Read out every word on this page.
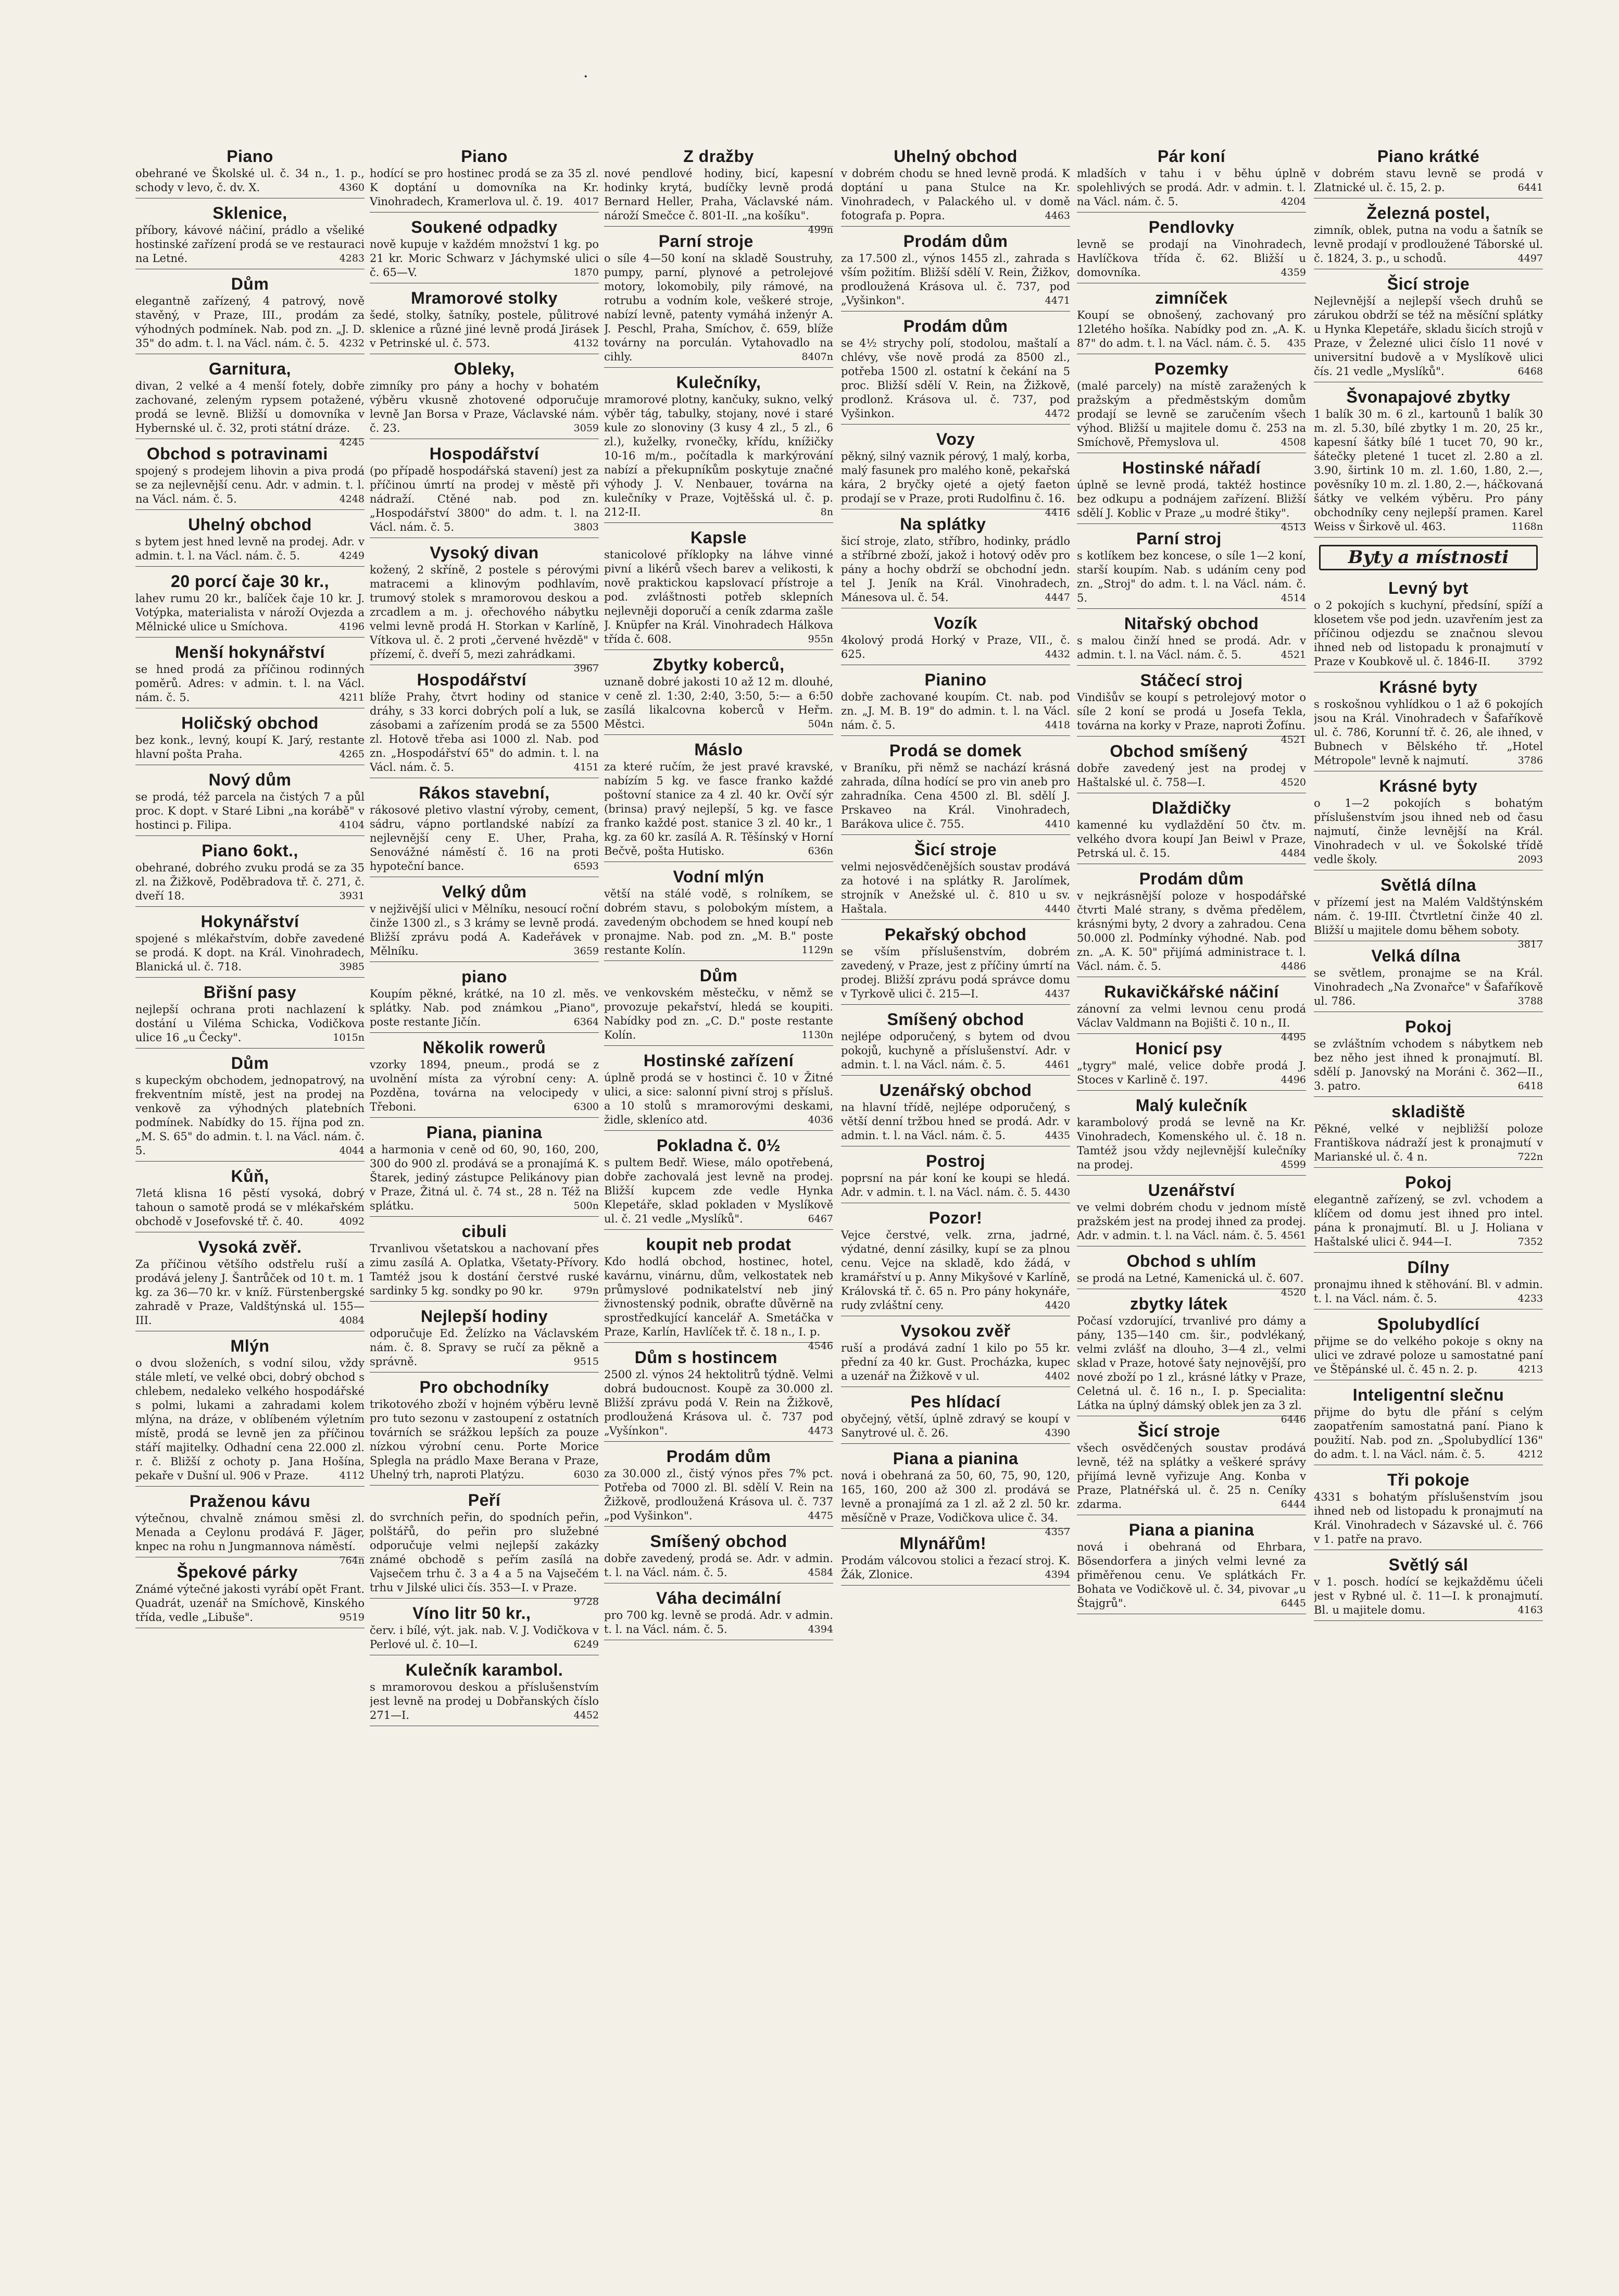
·
Piano

obehrané ve Školské ul. č. 34 n., 1. p., schody v levo, č. dv. X.	4360

Sklenice,

příbory, kávové náčiní, prádlo a všeliké hostinské zařízení prodá se ve restauraci na Letné.	4283

Dům

elegantně zařízený, 4 patrový, nově stavěný, v Praze, III., prodám za výhodných podmínek. Nab. pod zn. „J. D. 35" do adm. t. l. na Václ. nám. č. 5. 4232

Garnitura,

divan, 2 velké a 4 menší fotely, dobře zachované, zeleným rypsem potažené, prodá se levně. Bližší u domovníka v Hybernské ul. č. 32, proti státní dráze.
4245

Obchod s potravinami

spojený s prodejem lihovin a piva prodá se za nejlevnější cenu. Adr. v admin. t. l. na Václ. nám. č. 5.	4248

Uhelný obchod

s bytem jest hned levně na prodej. Adr. v admin. t. l. na Václ. nám. č. 5.	4249

20 porcí čaje 30 kr.,

lahev rumu 20 kr., balíček čaje 10 kr. J. Votýpka, materialista v nároží Ovjezda a Mělnické ulice u Smíchova.	4196

Menší hokynářství

se hned prodá za příčinou rodinných poměrů. Adres: v admin. t. l. na Václ. nám. č. 5.	4211

Holičský obchod

bez konk., levný, koupí K. Jarý, restante hlavní pošta Praha.	4265

Nový dům

se prodá, též parcela na čistých 7 a půl proc. K dopt. v Staré Libni „na korábě" v hostinci p. Filipa.	4104

Piano 6okt.,

obehrané, dobrého zvuku prodá se za 35 zl. na Žižkově, Poděbradova tř. č. 271, č. dveří 18.	3931

Hokynářství

spojené s mlékařstvím, dobře zavedené se prodá. K dopt. na Král. Vinohradech, Blanická ul. č. 718.	3985

Břišní pasy

nejlepší ochrana proti nachlazení k dostání u Viléma Schicka, Vodičkova ulice 16 „u Čecky".	1015n

Dům

s kupeckým obchodem, jednopatrový, na frekventním místě, jest na prodej na venkově za výhodných platebních podmínek. Nabídky do 15. října pod zn. „M. S. 65" do admin. t. l. na Václ. nám. č. 5.	4044

Kůň,

7letá klisna 16 pěstí vysoká, dobrý tahoun o samotě prodá se v mlékařském obchodě v Josefovské tř. č. 40.	4092

Vysoká zvěř.

Za příčinou většího odstřelu ruší a prodává jeleny J. Šantrůček od 10 t. m. 1 kg. za 36—70 kr. v kníž. Fürstenbergské zahradě v Praze, Valdštýnská ul. 155—III.	4084

Mlýn

o dvou složeních, s vodní silou, vždy stále mletí, ve velké obci, dobrý obchod s chlebem, nedaleko velkého hospodářské s polmi, lukami a zahradami kolem mlýna, na dráze, v oblíbeném výletním místě, prodá se levně jen za příčinou stáří majitelky. Odhadní cena 22.000 zl. r. č. Bližší z ochoty p. Jana Hošína, pekaře v Dušní ul. 906 v Praze.	4112

Praženou kávu

výtečnou, chvalně známou směsi zl. Menada a Ceylonu prodává F. Jäger, knpec na rohu n Jungmannova náměstí.
764n

Špekové párky

Známé výtečné jakosti vyrábí opět Frant. Quadrát, uzenář na Smíchově, Kinského třída, vedle „Libuše".	9519

Piano

hodící se pro hostinec prodá se za 35 zl. K doptání u domovníka na Kr. Vinohradech, Kramerlova ul. č. 19. 4017

Soukené odpadky

nově kupuje v každém množství 1 kg. po 21 kr. Moric Schwarz v Jáchymské ulici č. 65—V.	1870

Mramorové stolky

šedé, stolky, šatníky, postele, půlitrové sklenice a různé jiné levně prodá Jirásek v Petrinské ul. č. 573.	4132

Obleky,

zimníky pro pány a hochy v bohatém výběru vkusně zhotovené odporučuje levně Jan Borsa v Praze, Václavské nám. č. 23.	3059

Hospodářství

(po případě hospodářská stavení) jest za příčinou úmrtí na prodej v městě při nádraží. Ctěné nab. pod zn. „Hospodářství 3800" do adm. t. l. na Václ. nám. č. 5.	3803

Vysoký divan

kožený, 2 skříně, 2 postele s pérovými matracemi a klinovým podhlavím, trumový stolek s mramorovou deskou a zrcadlem a m. j. ořechového nábytku velmi levně prodá H. Storkan v Karlíně, Vítkova ul. č. 2 proti „červené hvězdě" v přízemí, č. dveří 5, mezi zahrádkami.
3967

Hospodářství

blíže Prahy, čtvrt hodiny od stanice dráhy, s 33 korci dobrých polí a luk, se zásobami a zařízením prodá se za 5500 zl. Hotově třeba asi 1000 zl. Nab. pod zn. „Hospodářství 65" do admin. t. l. na Václ. nám. č. 5.	4151

Rákos stavební,

rákosové pletivo vlastní výroby, cement, sádru, vápno portlandské nabízí za nejlevnější ceny E. Uher, Praha, Senovážné náměstí č. 16 na proti hypoteční bance.	6593

Velký dům

v nejživější ulici v Mělníku, nesoucí roční činže 1300 zl., s 3 krámy se levně prodá. Bližší zprávu podá A. Kadeřávek v Mělníku.	3659

piano

Koupím pěkné, krátké, na 10 zl. měs. splátky. Nab. pod známkou „Piano", poste restante Jičín.	6364

Několik rowerů

vzorky 1894, pneum., prodá se z uvolnění místa za výrobní ceny: A. Pozděna, továrna na velocipedy v Třeboni.	6300

Piana, pianina

a harmonia v ceně od 60, 90, 160, 200, 300 do 900 zl. prodává se a pronajímá K. Štarek, jediný zástupce Pelikánovy pian v Praze, Žitná ul. č. 74 st., 28 n. Též na splátku.	500n

cibuli

Trvanlivou všetatskou a nachovaní přes zimu zasílá A. Oplatka, Všetaty-Přívory. Tamtéž jsou k dostání čerstvé ruské sardinky 5 kg. sondky po 90 kr.	979n

Nejlepší hodiny

odporučuje Ed. Želízko na Václavském nám. č. 8. Spravy se ručí za pěkně a správně.	9515

Pro obchodníky

trikotového zboží v hojném výběru levně pro tuto sezonu v zastoupení z ostatních továrních se srážkou lepších za pouze nízkou výrobní cenu. Porte Morice Splegla na prádlo Maxe Berana v Praze, Uhelný trh, naproti Platýzu.	6030

Peří

do svrchních peřin, do spodních peřin, polštářů, do peřin pro služebné odporučuje velmi nejlepší zakázky známé obchodě s peřím zasílá na Vajsečem trhu č. 3 a 4 a 5 na Vajsečém trhu v Jilské ulici čís. 353—I. v Praze.
9728

Víno litr 50 kr.,

červ. i bílé, výt. jak. nab. V. J. Vodičkova v Perlové ul. č. 10—I.	6249

Kulečník karambol.

s mramorovou deskou a příslušenstvím jest levně na prodej u Dobřanských číslo 271—I.	4452

Z dražby

nové pendlové hodiny, bicí, kapesní hodinky krytá, budíčky levně prodá Bernard Heller, Praha, Václavské nám. nároží Smečce č. 801-II. „na košíku".
499n

Parní stroje

o síle 4—50 koní na skladě Soustruhy, pumpy, parní, plynové a petrolejové motory, lokomobily, pily rámové, na rotrubu a vodním kole, veškeré stroje, nabízí levně, patenty vymáhá inženýr A. J. Peschl, Praha, Smíchov, č. 659, blíže továrny na porculán. Vytahovadlo na cihly.	8407n

Kulečníky,

mramorové plotny, kančuky, sukno, velký výběr tág, tabulky, stojany, nové i staré kule zo slonoviny (3 kusy 4 zl., 5 zl., 6 zl.), kuželky, rvonečky, křídu, knížičky 10-16 m/m., počítadla k markýrování nabízí a překupníkům poskytuje značné výhody J. V. Nenbauer, továrna na kulečníky v Praze, Vojtěšská ul. č. p. 212-II.	8n

Kapsle

stanicolové příklopky na láhve vinné pivní a likérů všech barev a velikosti, k nově praktickou kapslovací přístroje a pod. zvláštnosti potřeb sklepních nejlevněji doporučí a ceník zdarma zašle J. Knüpfer na Král. Vinohradech Hálkova třída č. 608.	955n

Zbytky koberců,

uznaně dobré jakosti 10 až 12 m. dlouhé, v ceně zl. 1:30, 2:40, 3:50, 5:— a 6:50 zasílá likalcovna koberců v Heřm. Městci.	504n

Máslo

za které ručím, že jest pravé kravské, nabízím 5 kg. ve fasce franko každé poštovní stanice za 4 zl. 40 kr. Ovčí sýr (brinsa) pravý nejlepší, 5 kg. ve fasce franko každé post. stanice 3 zl. 40 kr., 1 kg. za 60 kr. zasílá A. R. Těšínský v Horní Bečvě, pošta Hutisko.	636n

Vodní mlýn

větší na stálé vodě, s rolníkem, se dobrém stavu, s polobokým místem, a zavedeným obchodem se hned koupí neb pronajme. Nab. pod zn. „M. B." poste restante Kolín.	1129n

Dům

ve venkovském městečku, v němž se provozuje pekařství, hledá se koupiti. Nabídky pod zn. „C. D." poste restante Kolín.	1130n

Hostinské zařízení

úplně prodá se v hostinci č. 10 v Žitné ulici, a sice: salonní pivní stroj s přísluš. a 10 stolů s mramorovými deskami, židle, skleníco atd.	4036

Pokladna č. 0½

s pultem Bedř. Wiese, málo opotřebená, dobře zachovalá jest levně na prodej. Bližší kupcem zde vedle Hynka Klepetáře, sklad pokladen v Myslíkově ul. č. 21 vedle „Myslíků".	6467

koupit neb prodat

Kdo hodlá obchod, hostinec, hotel, kavárnu, vinárnu, dům, velkostatek neb průmyslové podnikatelství neb jiný živnostenský podnik, obraťte důvěrně na sprostředkující kancelář A. Smetáčka v Praze, Karlín, Havlíček tř. č. 18 n., I. p.
4546

Dům s hostincem

2500 zl. výnos 24 hektolitrů týdně. Velmi dobrá budoucnost. Koupě za 30.000 zl. Bližší zprávu podá V. Rein na Žižkově, prodloužená Krásova ul. č. 737 pod „Vyšínkon".	4473

Prodám dům

za 30.000 zl., čistý výnos přes 7% pct. Potřeba od 7000 zl. Bl. sdělí V. Rein na Žižkově, prodloužená Krásova ul. č. 737 „pod Vyšinkon".	4475

Smíšený obchod

dobře zavedený, prodá se. Adr. v admin. t. l. na Václ. nám. č. 5.	4584

Váha decimální

pro 700 kg. levně se prodá. Adr. v admin. t. l. na Václ. nám. č. 5.	4394

Uhelný obchod

v dobrém chodu se hned levně prodá. K doptání u pana Stulce na Kr. Vinohradech, v Palackého ul. v domě fotografa p. Popra.	4463

Prodám dům

za 17.500 zl., výnos 1455 zl., zahrada s vším požitím. Bližší sdělí V. Rein, Žižkov, prodloužená Krásova ul. č. 737, pod „Vyšinkon".	4471

Prodám dům

se 4½ strychy polí, stodolou, maštalí a chlévy, vše nově prodá za 8500 zl., potřeba 1500 zl. ostatní k čekání na 5 proc. Bližší sdělí V. Rein, na Žižkově, prodlonž. Krásova ul. č. 737, pod Vyšinkon.	4472

Vozy

pěkný, silný vaznik pérový, 1 malý, korba, malý fasunek pro malého koně, pekařská kára, 2 bryčky ojeté a ojetý faeton prodají se v Praze, proti Rudolfinu č. 16.
4416

Na splátky

šicí stroje, zlato, stříbro, hodinky, prádlo a stříbrné zboží, jakož i hotový oděv pro pány a hochy obdrží se obchodní jedn. tel J. Jeník na Král. Vinohradech, Mánesova ul. č. 54.	4447

Vozík

4kolový prodá Horký v Praze, VII., č. 625.	4432

Pianino

dobře zachované koupím. Ct. nab. pod zn. „J. M. B. 19" do admin. t. l. na Václ. nám. č. 5.	4418

Prodá se domek

v Braníku, při němž se nachází krásná zahrada, dílna hodící se pro vin aneb pro zahradníka. Cena 4500 zl. Bl. sdělí J. Prskaveo na Král. Vinohradech, Barákova ulice č. 755.	4410

Šicí stroje

velmi nejosvědčenějších soustav prodává za hotové i na splátky R. Jarolímek, strojník v Anežské ul. č. 810 u sv. Haštala.	4440

Pekařský obchod

se vším příslušenstvím, dobrém zavedený, v Praze, jest z příčiny úmrtí na prodej. Bližší zprávu podá správce domu v Tyrkově ulici č. 215—I.	4437

Smíšený obchod

nejlépe odporučený, s bytem od dvou pokojů, kuchyně a příslušenství. Adr. v admin. t. l. na Václ. nám. č. 5.	4461

Uzenářský obchod

na hlavní třídě, nejlépe odporučený, s větší denní tržbou hned se prodá. Adr. v admin. t. l. na Václ. nám. č. 5.	4435

Postroj

poprsní na pár koní ke koupi se hledá. Adr. v admin. t. l. na Václ. nám. č. 5. 4430

Pozor!

Vejce čerstvé, velk. zrna, jadrné, výdatné, denní zásilky, kupí se za plnou cenu. Vejce na skladě, kdo žádá, v kramářství u p. Anny Mikyšové v Karlíně, Královská tř. č. 65 n. Pro pány hokynáře, rudy zvláštní ceny.	4420

Vysokou zvěř

ruší a prodává zadní 1 kilo po 55 kr. přední za 40 kr. Gust. Procházka, kupec a uzenář na Žižkově v ul.	4402

Pes hlídací

obyčejný, větší, úplně zdravý se koupí v Sanytrové ul. č. 26.	4390

Piana a pianina

nová i obehraná za 50, 60, 75, 90, 120, 165, 160, 200 až 300 zl. prodává se levně a pronajímá za 1 zl. až 2 zl. 50 kr. měsíčně v Praze, Vodičkova ulice č. 34.
4357

Mlynářům!

Prodám válcovou stolici a řezací stroj. K. Žák, Zlonice.	4394

Pár koní

mladších v tahu i v běhu úplně spolehlivých se prodá. Adr. v admin. t. l. na Václ. nám. č. 5.	4204

Pendlovky

levně se prodají na Vinohradech, Havlíčkova třída č. 62. Bližší u domovníka.	4359

zimníček

Koupí se obnošený, zachovaný pro 12letého hošíka. Nabídky pod zn. „A. K. 87" do adm. t. l. na Václ. nám. č. 5. 435

Pozemky

(malé parcely) na místě zaražených k pražským a předměstským domům prodají se levně se zaručením všech výhod. Bližší u majitele domu č. 253 na Smíchově, Přemyslova ul.	4508

Hostinské nářadí

úplně se levně prodá, taktéž hostince bez odkupu a podnájem zařízení. Bližší sdělí J. Koblic v Praze „u modré štiky".
4513

Parní stroj

s kotlíkem bez koncese, o síle 1—2 koní, starší koupím. Nab. s udáním ceny pod zn. „Stroj" do adm. t. l. na Václ. nám. č. 5.	4514

Nitařský obchod

s malou činží hned se prodá. Adr. v admin. t. l. na Václ. nám. č. 5.	4521

Stáčecí stroj

Vindišův se koupí s petrolejový motor o síle 2 koní se prodá u Josefa Tekla, továrna na korky v Praze, naproti Žofínu.
4521

Obchod smíšený

dobře zavedený jest na prodej v Haštalské ul. č. 758—I.	4520

Dlaždičky

kamenné ku vydlaždění 50 čtv. m. velkého dvora koupí Jan Beiwl v Praze, Petrská ul. č. 15.	4484

Prodám dům

v nejkrásnější poloze v hospodářské čtvrti Malé strany, s dvěma předělem, krásnými byty, 2 dvory a zahradou. Cena 50.000 zl. Podmínky výhodné. Nab. pod zn. „A. K. 50" přijímá administrace t. l. Václ. nám. č. 5.	4486

Rukavičkářské náčiní

zánovní za velmi levnou cenu prodá Václav Valdmann na Bojišti č. 10 n., II.
4495

Honicí psy

„tygry" malé, velice dobře prodá J. Stoces v Karlině č. 197.	4496

Malý kulečník

karambolový prodá se levně na Kr. Vinohradech, Komenského ul. č. 18 n. Tamtéž jsou vždy nejlevnější kulečníky na prodej.	4599

Uzenářství

ve velmi dobrém chodu v jednom místě pražském jest na prodej ihned za prodej. Adr. v admin. t. l. na Václ. nám. č. 5. 4561

Obchod s uhlím

se prodá na Letné, Kamenická ul. č. 607.
4520

zbytky látek

Počasí vzdorující, trvanlivé pro dámy a pány, 135—140 cm. šir., podvlékaný, velmi zvlášť na dlouho, 3—4 zl., velmi sklad v Praze, hotové šaty nejnovější, pro nové zboží po 1 zl., krásné látky v Praze, Celetná ul. č. 16 n., I. p. Specialita: Látka na úplný dámský oblek jen za 3 zl.
6446

Šicí stroje

všech osvědčených soustav prodává levně, též na splátky a veškeré správy přijímá levně vyřizuje Ang. Konba v Praze, Platnéřská ul. č. 25 n. Ceníky zdarma.	6444

Piana a pianina

nová i obehraná od Ehrbara, Bösendorfera a jiných velmi levné za přiměřenou cenu. Ve splátkách Fr. Bohata ve Vodičkově ul. č. 34, pivovar „u Štajgrů".	6445

Piano krátké

v dobrém stavu levně se prodá v Zlatnické ul. č. 15, 2. p.	6441

Železná postel,

zimník, oblek, putna na vodu a šatník se levně prodají v prodloužené Táborské ul. č. 1824, 3. p., u schodů.	4497

Šicí stroje

Nejlevnější a nejlepší všech druhů se zárukou obdrží se též na měsíční splátky u Hynka Klepetáře, skladu šicích strojů v Praze, v Železné ulici číslo 11 nové v universitní budově a v Myslíkově ulici čís. 21 vedle „Myslíků".	6468

Švonapajové zbytky

1 balík 30 m. 6 zl., kartounů 1 balík 30 m. zl. 5.30, bílé zbytky 1 m. 20, 25 kr., kapesní šátky bílé 1 tucet 70, 90 kr., šátečky pletené 1 tucet zl. 2.80 a zl. 3.90, širtink 10 m. zl. 1.60, 1.80, 2.—, pověsníky 10 m. zl. 1.80, 2.—, háčkovaná šátky ve velkém výběru. Pro pány obchodníky ceny nejlepší pramen. Karel Weiss v Širkově ul. 463.	1168n

Byty a místnosti
Levný byt

o 2 pokojích s kuchyní, předsíní, spíží a klosetem vše pod jedn. uzavřením jest za příčinou odjezdu se značnou slevou ihned neb od listopadu k pronajmutí v Praze v Koubkově ul. č. 1846-II.	3792

Krásné byty

s roskošnou vyhlídkou o 1 až 6 pokojích jsou na Král. Vinohradech v Šafaříkově ul. č. 786, Korunní tř. č. 26, ale ihned, v Bubnech v Bělského tř. „Hotel Métropole" levně k najmutí.	3786

Krásné byty

o 1—2 pokojích s bohatým příslušenstvím jsou ihned neb od času najmutí, činže levnější na Král. Vinohradech v ul. ve Šokolské třídě vedle školy.	2093

Světlá dílna

v přízemí jest na Malém Valdštýnském nám. č. 19-III. Čtvrtletní činže 40 zl. Bližší u majitele domu během soboty.
3817

Velká dílna

se světlem, pronajme se na Král. Vinohradech „Na Zvonařce" v Šafaříkově ul. 786.	3788

Pokoj

se zvláštním vchodem s nábytkem neb bez něho jest ihned k pronajmutí. Bl. sdělí p. Janovský na Moráni č. 362—II., 3. patro.	6418

skladiště

Pěkné, velké v nejbližší poloze Františkova nádraží jest k pronajmutí v Marianské ul. č. 4 n.	722n

Pokoj

elegantně zařízený, se zvl. vchodem a klíčem od domu jest ihned pro intel. pána k pronajmutí. Bl. u J. Holiana v Haštalské ulici č. 944—I.	7352

Dílny

pronajmu ihned k stěhování. Bl. v admin. t. l. na Václ. nám. č. 5.	4233

Spolubydlící

přijme se do velkého pokoje s okny na ulici ve zdravé poloze u samostatné paní ve Štěpánské ul. č. 45 n. 2. p.	4213

Inteligentní slečnu

přijme do bytu dle přání s celým zaopatřením samostatná paní. Piano k použití. Nab. pod zn. „Spolubydlící 136" do adm. t. l. na Václ. nám. č. 5.	4212

Tři pokoje

4331 s bohatým příslušenstvím jsou ihned neb od listopadu k pronajmutí na Král. Vinohradech v Sázavské ul. č. 766 v 1. patře na pravo.

Světlý sál

v 1. posch. hodící se kejkažděmu účeli jest v Rybné ul. č. 11—I. k pronajmutí. Bl. u majitele domu.	4163
